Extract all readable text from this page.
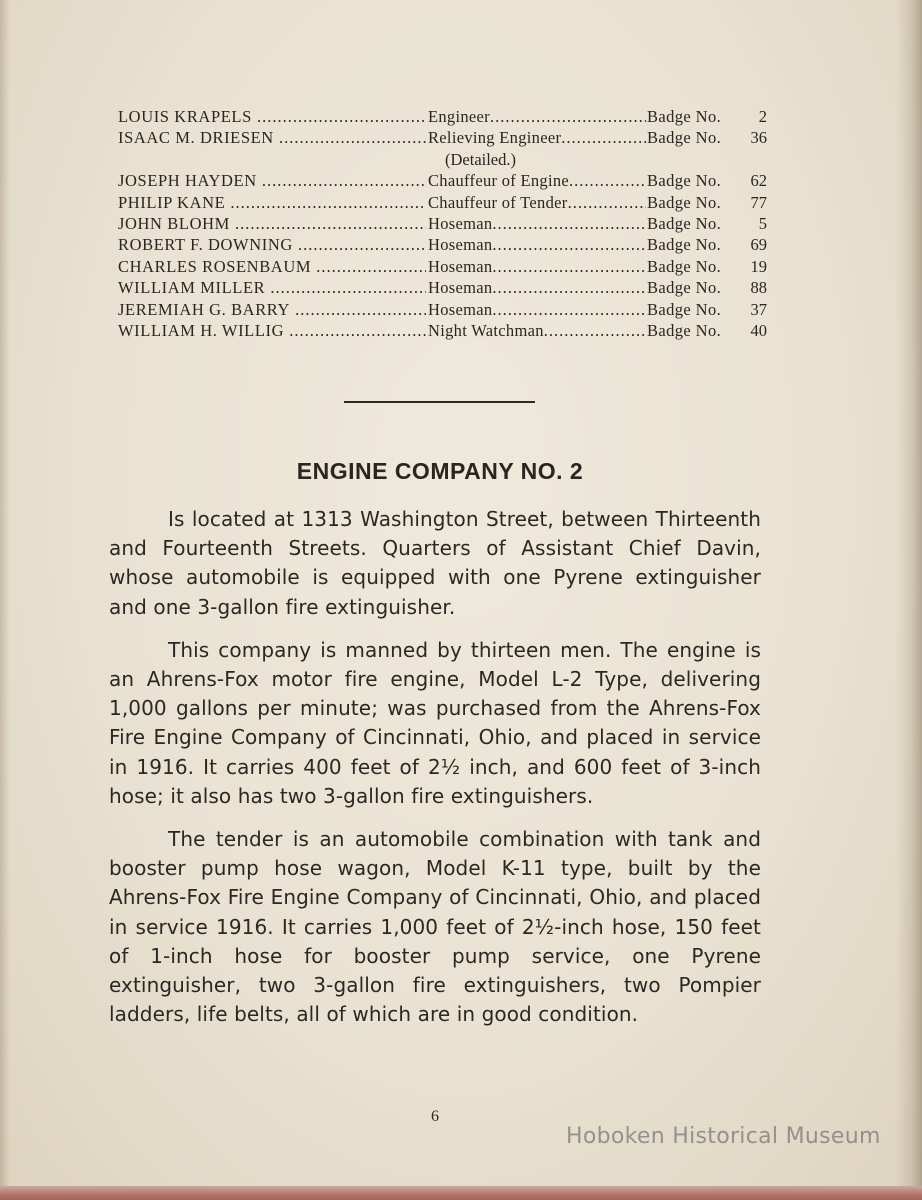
LOUIS KRAPELS .....	Engineer .....	Badge No.	2
ISAAC M. DRIESEN .....	Relieving Engineer .....	Badge No.	36
(Detailed.)
JOSEPH HAYDEN .....	Chauffeur of Engine .....	Badge No.	62
PHILIP KANE .....	Chauffeur of Tender .....	Badge No.	77
JOHN BLOHM .....	Hoseman .....	Badge No.	5
ROBERT F. DOWNING .....	Hoseman .....	Badge No.	69
CHARLES ROSENBAUM .....	Hoseman .....	Badge No.	19
WILLIAM MILLER .....	Hoseman .....	Badge No.	88
JEREMIAH G. BARRY .....	Hoseman .....	Badge No.	37
WILLIAM H. WILLIG .....	Night Watchman .....	Badge No.	40
ENGINE COMPANY NO. 2

Is located at 1313 Washington Street, between Thirteenth and Fourteenth Streets. Quarters of Assistant Chief Davin, whose automobile is equipped with one Pyrene extinguisher and one 3-gallon fire extinguisher.

This company is manned by thirteen men. The engine is an Ahrens-Fox motor fire engine, Model L-2 Type, delivering 1,000 gallons per minute; was purchased from the Ahrens-Fox Fire Engine Company of Cincinnati, Ohio, and placed in service in 1916. It carries 400 feet of 2½ inch, and 600 feet of 3-inch hose; it also has two 3-gallon fire extinguishers.

The tender is an automobile combination with tank and booster pump hose wagon, Model K-11 type, built by the Ahrens-Fox Fire Engine Company of Cincinnati, Ohio, and placed in service 1916. It carries 1,000 feet of 2½-inch hose, 150 feet of 1-inch hose for booster pump service, one Pyrene extinguisher, two 3-gallon fire extinguishers, two Pompier ladders, life belts, all of which are in good condition.

6
Hoboken Historical Museum
